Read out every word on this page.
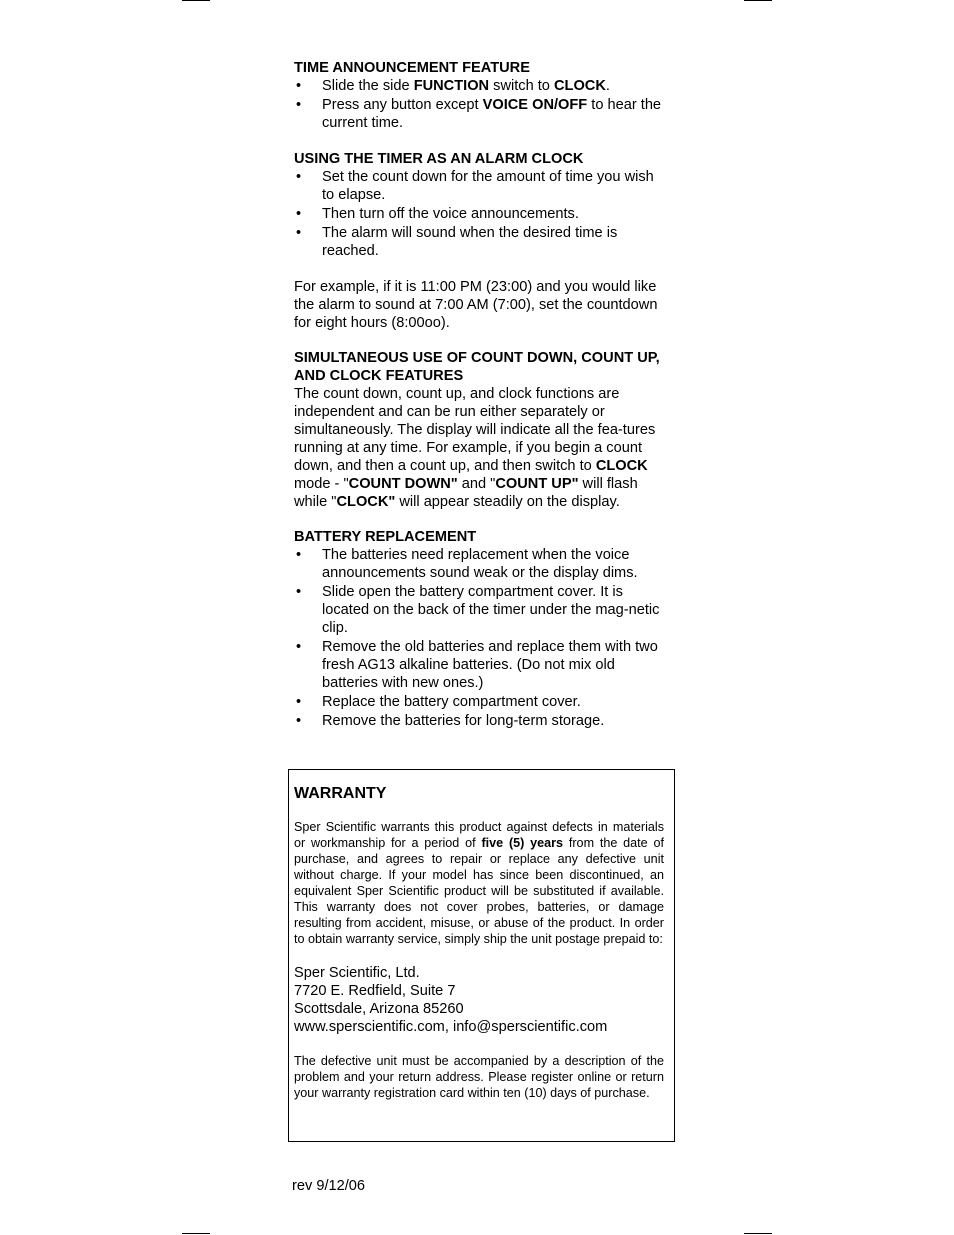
TIME ANNOUNCEMENT FEATURE
• Slide the side FUNCTION switch to CLOCK.
• Press any button except VOICE ON/OFF to hear the current time.
USING THE TIMER AS AN ALARM CLOCK
• Set the count down for the amount of time you wish to elapse.
• Then turn off the voice announcements.
• The alarm will sound when the desired time is reached.

For example, if it is 11:00 PM (23:00) and you would like the alarm to sound at 7:00 AM (7:00), set the countdown for eight hours (8:00oo).

SIMULTANEOUS USE OF COUNT DOWN, COUNT UP, AND CLOCK FEATURES

The count down, count up, and clock functions are independent and can be run either separately or simultaneously. The display will indicate all the fea-tures running at any time. For example, if you begin a count down, and then a count up, and then switch to CLOCK mode - "COUNT DOWN" and "COUNT UP" will flash while "CLOCK" will appear steadily on the display.

BATTERY REPLACEMENT
• The batteries need replacement when the voice announcements sound weak or the display dims.
• Slide open the battery compartment cover. It is located on the back of the timer under the mag-netic clip.
• Remove the old batteries and replace them with two fresh AG13 alkaline batteries. (Do not mix old batteries with new ones.)
• Replace the battery compartment cover.
• Remove the batteries for long-term storage.
WARRANTY

Sper Scientific warrants this product against defects in materials or workmanship for a period of five (5) years from the date of purchase, and agrees to repair or replace any defective unit without charge. If your model has since been discontinued, an equivalent Sper Scientific product will be substituted if available. This warranty does not cover probes, batteries, or damage resulting from accident, misuse, or abuse of the product. In order to obtain warranty service, simply ship the unit postage prepaid to:

Sper Scientific, Ltd.
7720 E. Redfield, Suite 7
Scottsdale, Arizona 85260
www.sperscientific.com, info@sperscientific.com

The defective unit must be accompanied by a description of the problem and your return address. Please register online or return your warranty registration card within ten (10) days of purchase.

rev 9/12/06
